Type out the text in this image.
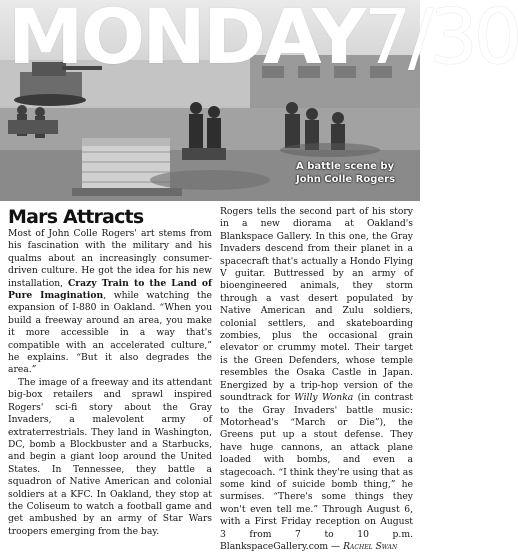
MONDAY7/30
A battle scene by John Colle Rogers
Mars Attracts

Most of John Colle Rogers' art stems from his fascination with the military and his qualms about an increasingly consumer-driven culture. He got the idea for his new installation, Crazy Train to the Land of Pure Imagination, while watching the expansion of I-880 in Oakland. “When you build a freeway around an area, you make it more accessible in a way that's compatible with an accelerated culture,” he explains. “But it also degrades the area.”

The image of a freeway and its attendant big-box retailers and sprawl inspired Rogers' sci-fi story about the Gray Invaders, a malevolent army of extraterrestrials. They land in Washington, DC, bomb a Blockbuster and a Starbucks, and begin a giant loop around the United States. In Tennessee, they battle a squadron of Native American and colonial soldiers at a KFC. In Oakland, they stop at the Coliseum to watch a football game and get ambushed by an army of Star Wars troopers emerging from the bay.

Rogers tells the second part of his story in a new diorama at Oakland's Blankspace Gallery. In this one, the Gray Invaders descend from their planet in a spacecraft that's actually a Hondo Flying V guitar. Buttressed by an army of bioengineered animals, they storm through a vast desert populated by Native American and Zulu soldiers, colonial settlers, and skateboarding zombies, plus the occasional grain elevator or crummy motel. Their target is the Green Defenders, whose temple resembles the Osaka Castle in Japan. Energized by a trip-hop version of the soundtrack for Willy Wonka (in contrast to the Gray Invaders' battle music: Motorhead's “March or Die”), the Greens put up a stout defense. They have huge cannons, an attack plane loaded with bombs, and even a stagecoach. “I think they're using that as some kind of suicide bomb thing,” he surmises. “There's some things they won't even tell me.” Through August 6, with a First Friday reception on August 3 from 7 to 10 p.m. BlankspaceGallery.com — Rachel Swan
